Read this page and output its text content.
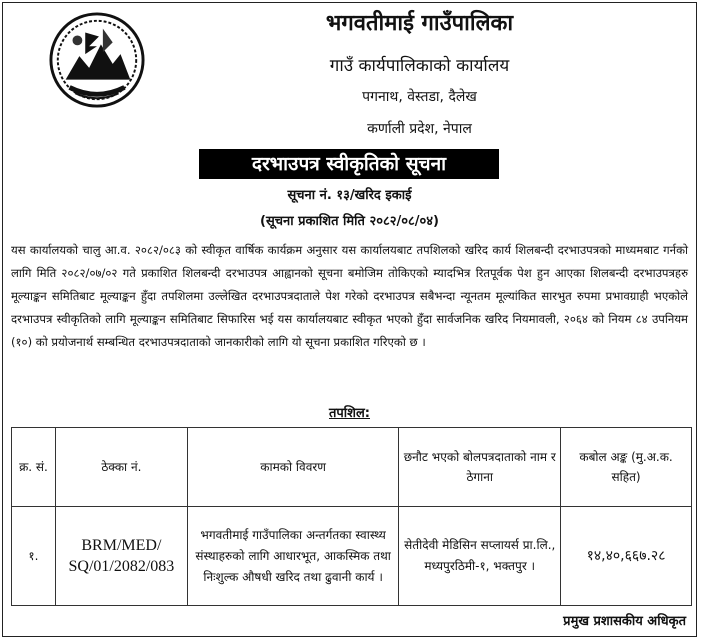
भगवतीमाई गाउँपालिका
गाउँ कार्यपालिकाको कार्यालय
पगनाथ, वेस्तडा, दैलेख
कर्णाली प्रदेश, नेपाल
दरभाउपत्र स्वीकृतिको सूचना
सूचना नं. १३/खरिद इकाई
(सूचना प्रकाशित मिति २०८२/०८/०४)
यस कार्यालयको चालु आ.व. २०८२/०८३ को स्वीकृत वार्षिक कार्यक्रम अनुसार यस कार्यालयबाट तपशिलको खरिद कार्य शिलबन्दी दरभाउपत्रको माध्यमबाट गर्नको लागि मिति २०८२/०७/०२ गते प्रकाशित शिलबन्दी दरभाउपत्र आह्वानको सूचना बमोजिम तोकिएको म्यादभित्र रितपूर्वक पेश हुन आएका शिलबन्दी दरभाउपत्रहरु मूल्याङ्कन समितिबाट मूल्याङ्कन हुँदा तपशिलमा उल्लेखित दरभाउपत्रदाताले पेश गरेको दरभाउपत्र सबैभन्दा न्यूनतम मूल्यांकित सारभुत रुपमा प्रभावग्राही भएकोले दरभाउपत्र स्वीकृतिको लागि मूल्याङ्कन समितिबाट सिफारिस भई यस कार्यालयबाट स्वीकृत भएको हुँदा सार्वजनिक खरिद नियमावली, २०६४ को नियम ८४ उपनियम (१०) को प्रयोजनार्थ सम्बन्धित दरभाउपत्रदाताको जानकारीको लागि यो सूचना प्रकाशित गरिएको छ ।
तपशिल:
क्र. सं.	ठेक्का नं.	कामको विवरण	छनौट भएको बोलपत्रदाताको नाम र ठेगाना	कबोल अङ्क (मु.अ.क. सहित)
१.	BRM/MED/ SQ/01/2082/083	भगवतीमाई गाउँपालिका अन्तर्गतका स्वास्थ्य संस्थाहरुको लागि आधारभूत, आकस्मिक तथा निःशुल्क औषधी खरिद तथा ढुवानी कार्य ।	सेतीदेवी मेडिसिन सप्लायर्स प्रा.लि., मध्यपुरठिमी-१, भक्तपुर ।	१४,४०,६६७.२८
प्रमुख प्रशासकीय अधिकृत
